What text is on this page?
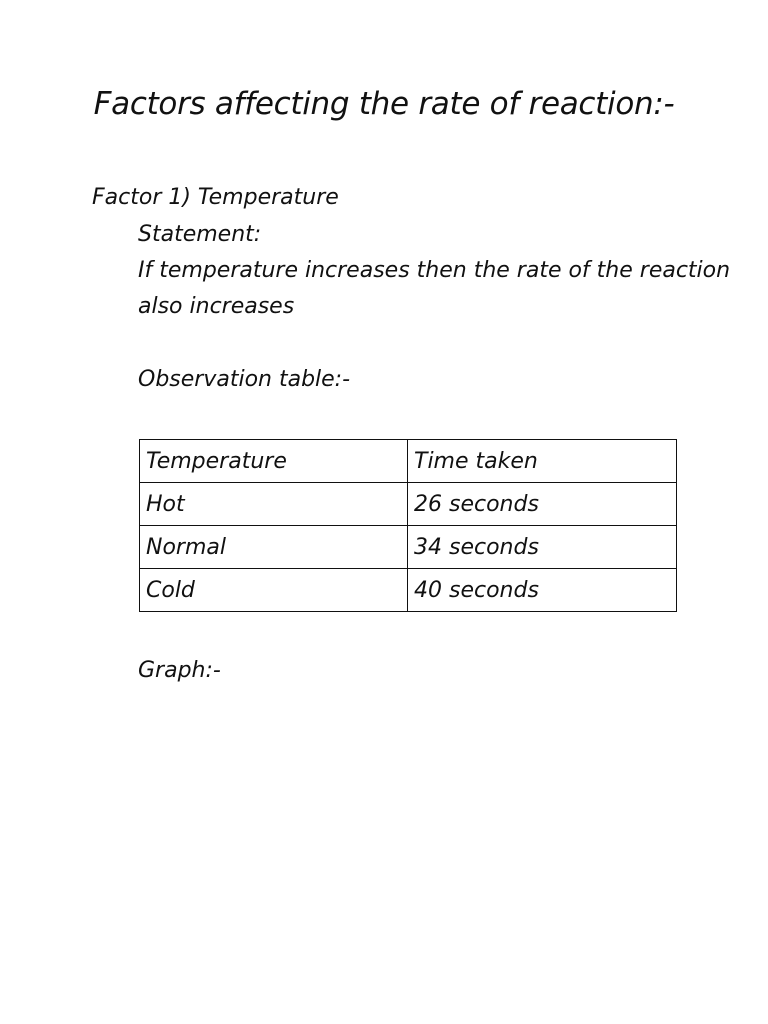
Factors affecting the rate of reaction:-

Factor 1) Temperature

Statement:

If temperature increases then the rate of the reaction

also increases

Observation table:-

Temperature	Time taken
Hot	26 seconds
Normal	34 seconds
Cold	40 seconds

Graph:-
